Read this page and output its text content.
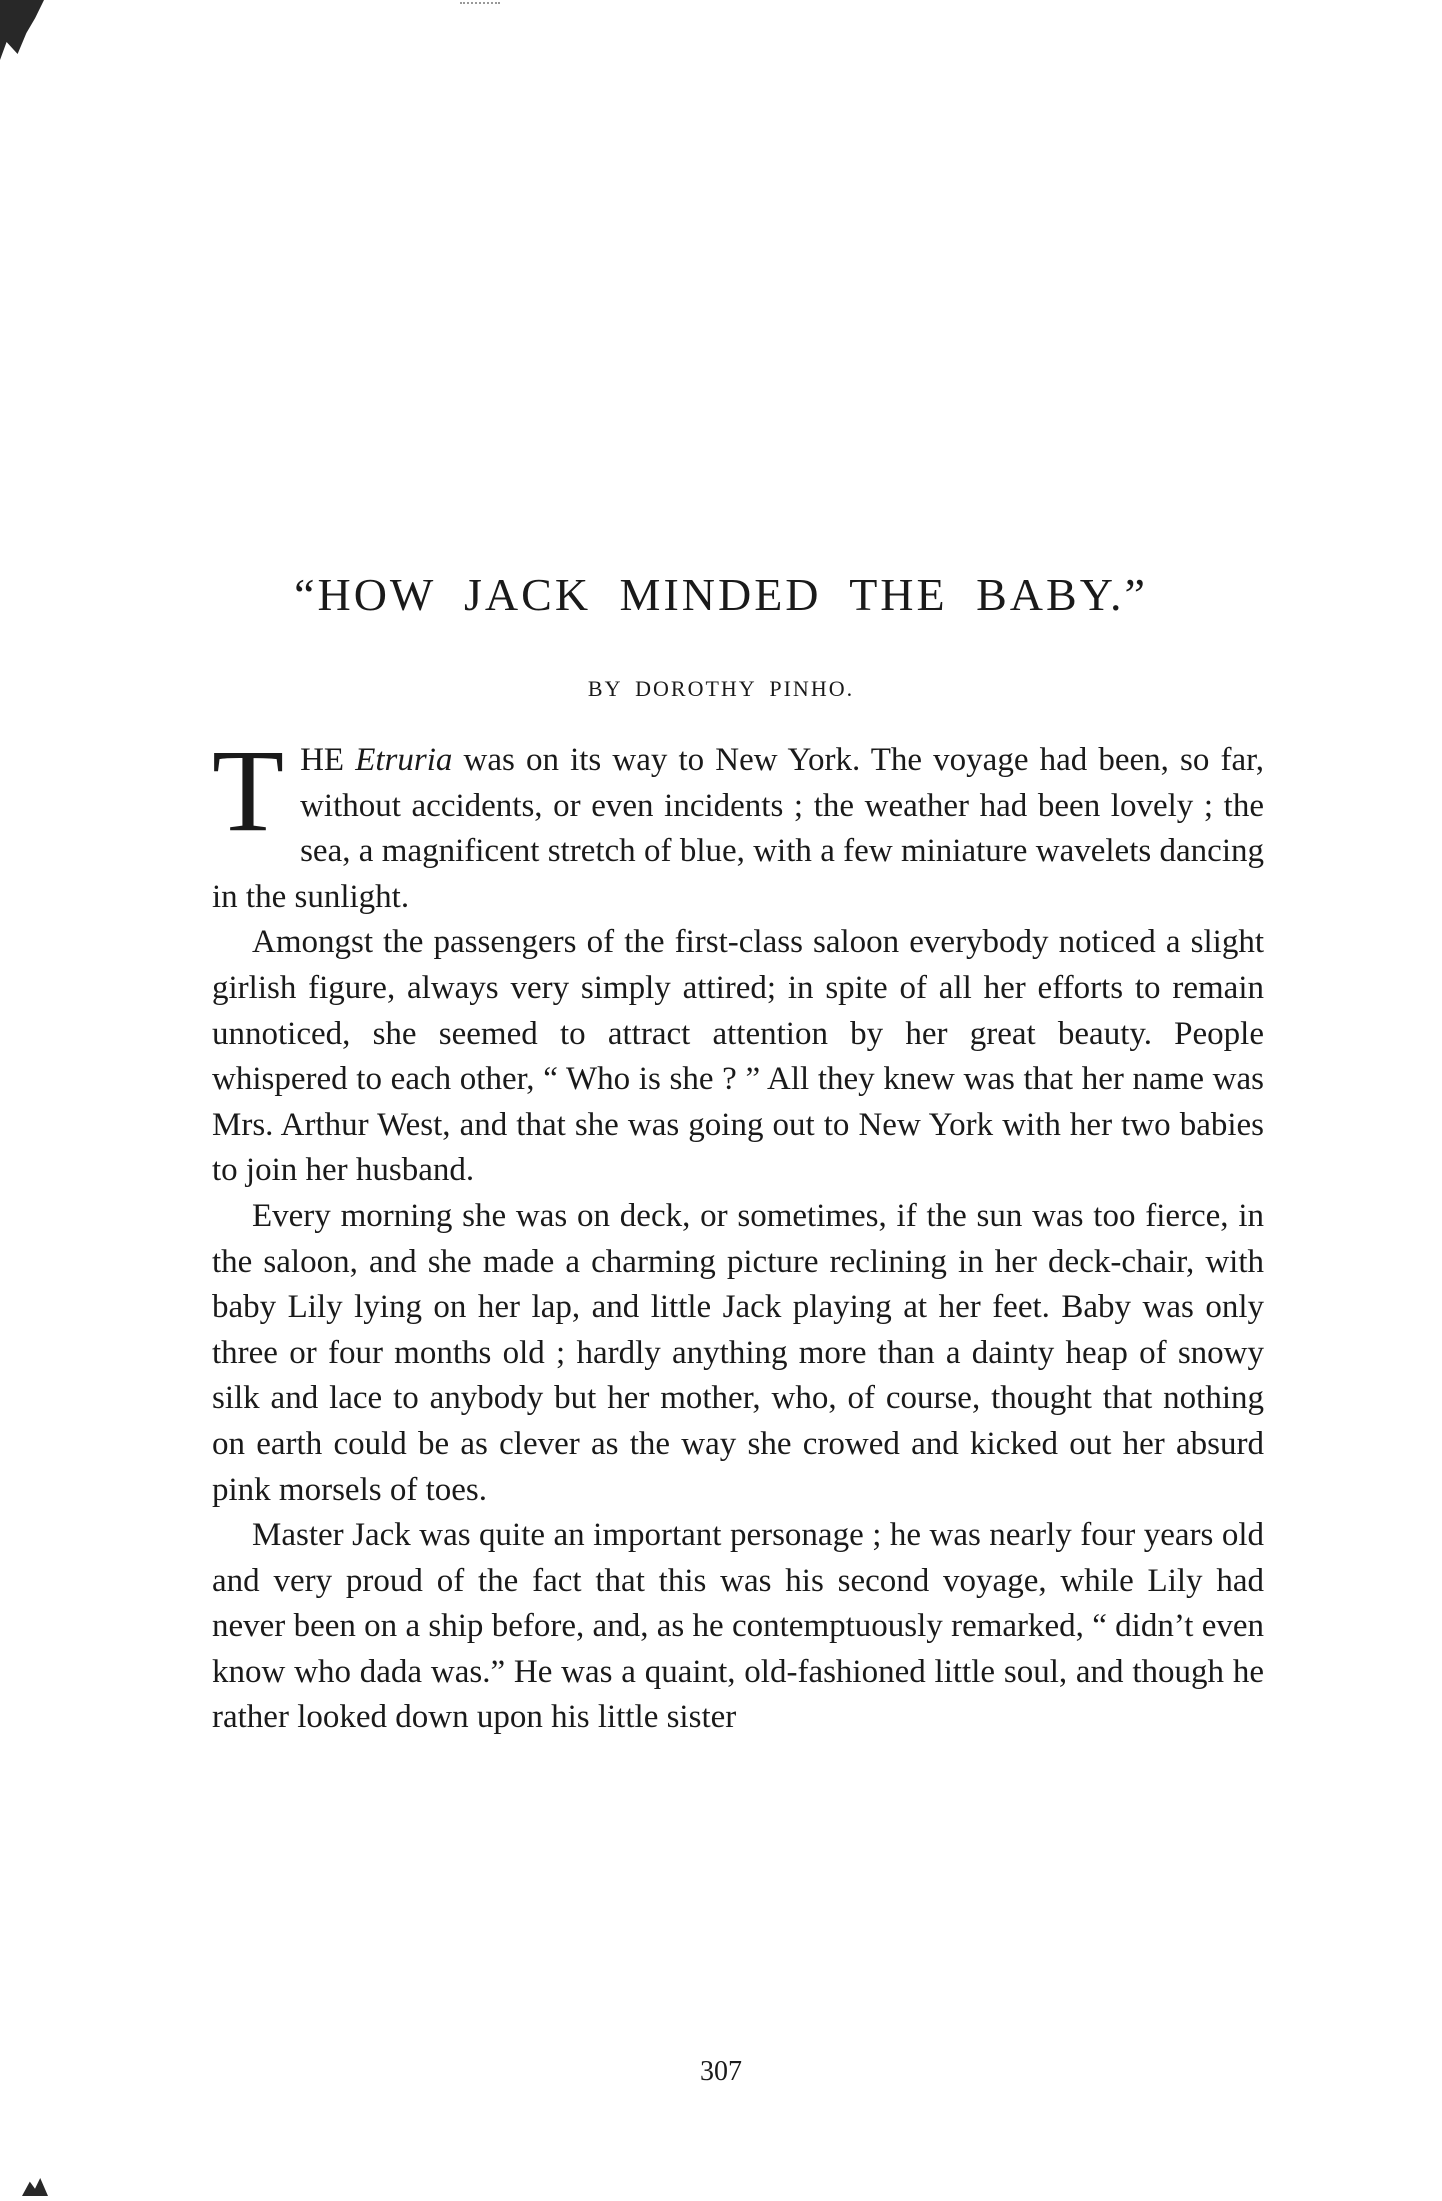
“HOW JACK MINDED THE BABY.”

BY DOROTHY PINHO.

THE Etruria was on its way to New York. The voyage had been, so far, without accidents, or even incidents ; the weather had been lovely ; the sea, a magnificent stretch of blue, with a few miniature wavelets dancing in the sunlight.

Amongst the passengers of the first-class saloon everybody noticed a slight girlish figure, always very simply attired; in spite of all her efforts to remain unnoticed, she seemed to attract attention by her great beauty. People whispered to each other, “ Who is she ? ” All they knew was that her name was Mrs. Arthur West, and that she was going out to New York with her two babies to join her husband.

Every morning she was on deck, or sometimes, if the sun was too fierce, in the saloon, and she made a charming picture reclining in her deck-chair, with baby Lily lying on her lap, and little Jack playing at her feet. Baby was only three or four months old ; hardly anything more than a dainty heap of snowy silk and lace to anybody but her mother, who, of course, thought that nothing on earth could be as clever as the way she crowed and kicked out her absurd pink morsels of toes.

Master Jack was quite an important personage ; he was nearly four years old and very proud of the fact that this was his second voyage, while Lily had never been on a ship before, and, as he contemptuously remarked, “ didn’t even know who dada was.” He was a quaint, old-fashioned little soul, and though he rather looked down upon his little sister

307
